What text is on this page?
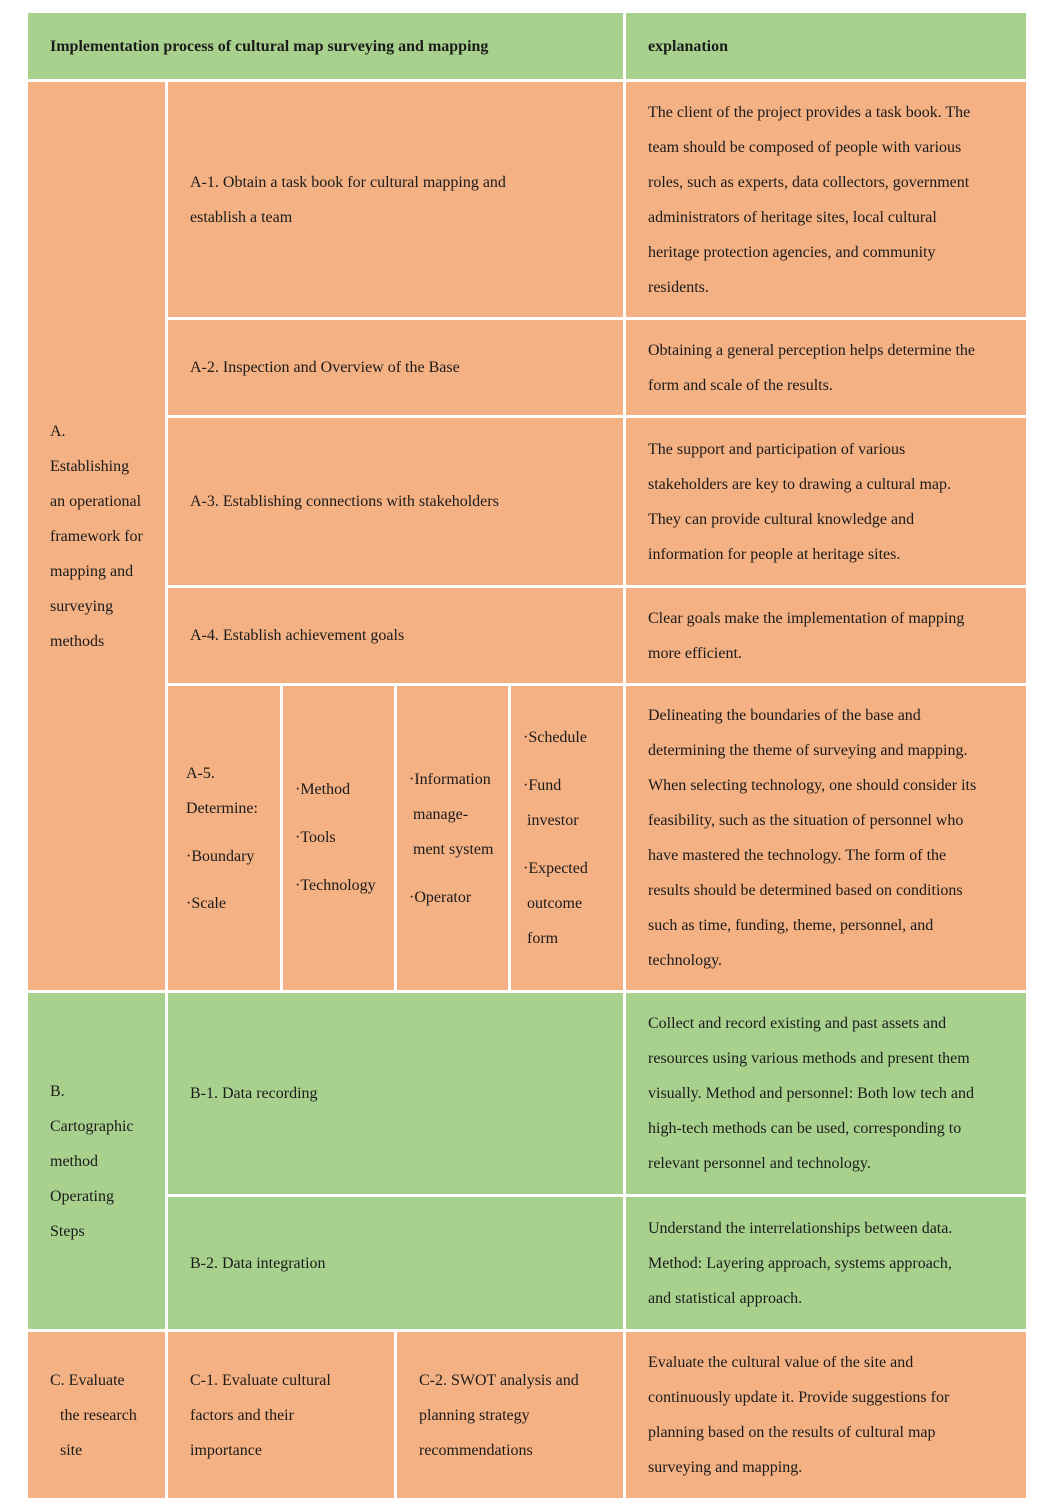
Implementation process of cultural map surveying and mapping	explanation
A.
Establishing
an operational
framework for
mapping and
surveying
methods
A-1. Obtain a task book for cultural mapping and
establish a team
The client of the project provides a task book. The
team should be composed of people with various
roles, such as experts, data collectors, government
administrators of heritage sites, local cultural
heritage protection agencies, and community
residents.
A-2. Inspection and Overview of the Base
Obtaining a general perception helps determine the
form and scale of the results.
A-3. Establishing connections with stakeholders
The support and participation of various
stakeholders are key to drawing a cultural map.
They can provide cultural knowledge and
information for people at heritage sites.
A-4. Establish achievement goals
Clear goals make the implementation of mapping
more efficient.
A-5.
Determine:
·Boundary
·Scale
·Method
·Tools
·Technology
·Information
manage-
ment system
·Operator
·Schedule
·Fund
investor
·Expected
outcome
form
Delineating the boundaries of the base and
determining the theme of surveying and mapping.
When selecting technology, one should consider its
feasibility, such as the situation of personnel who
have mastered the technology. The form of the
results should be determined based on conditions
such as time, funding, theme, personnel, and
technology.
B.
Cartographic
method
Operating
Steps
B-1. Data recording
Collect and record existing and past assets and
resources using various methods and present them
visually. Method and personnel: Both low tech and
high-tech methods can be used, corresponding to
relevant personnel and technology.
B-2. Data integration
Understand the interrelationships between data.
Method: Layering approach, systems approach,
and statistical approach.
C. Evaluate
the research
site
C-1. Evaluate cultural
factors and their
importance
C-2. SWOT analysis and
planning strategy
recommendations
Evaluate the cultural value of the site and
continuously update it. Provide suggestions for
planning based on the results of cultural map
surveying and mapping.
